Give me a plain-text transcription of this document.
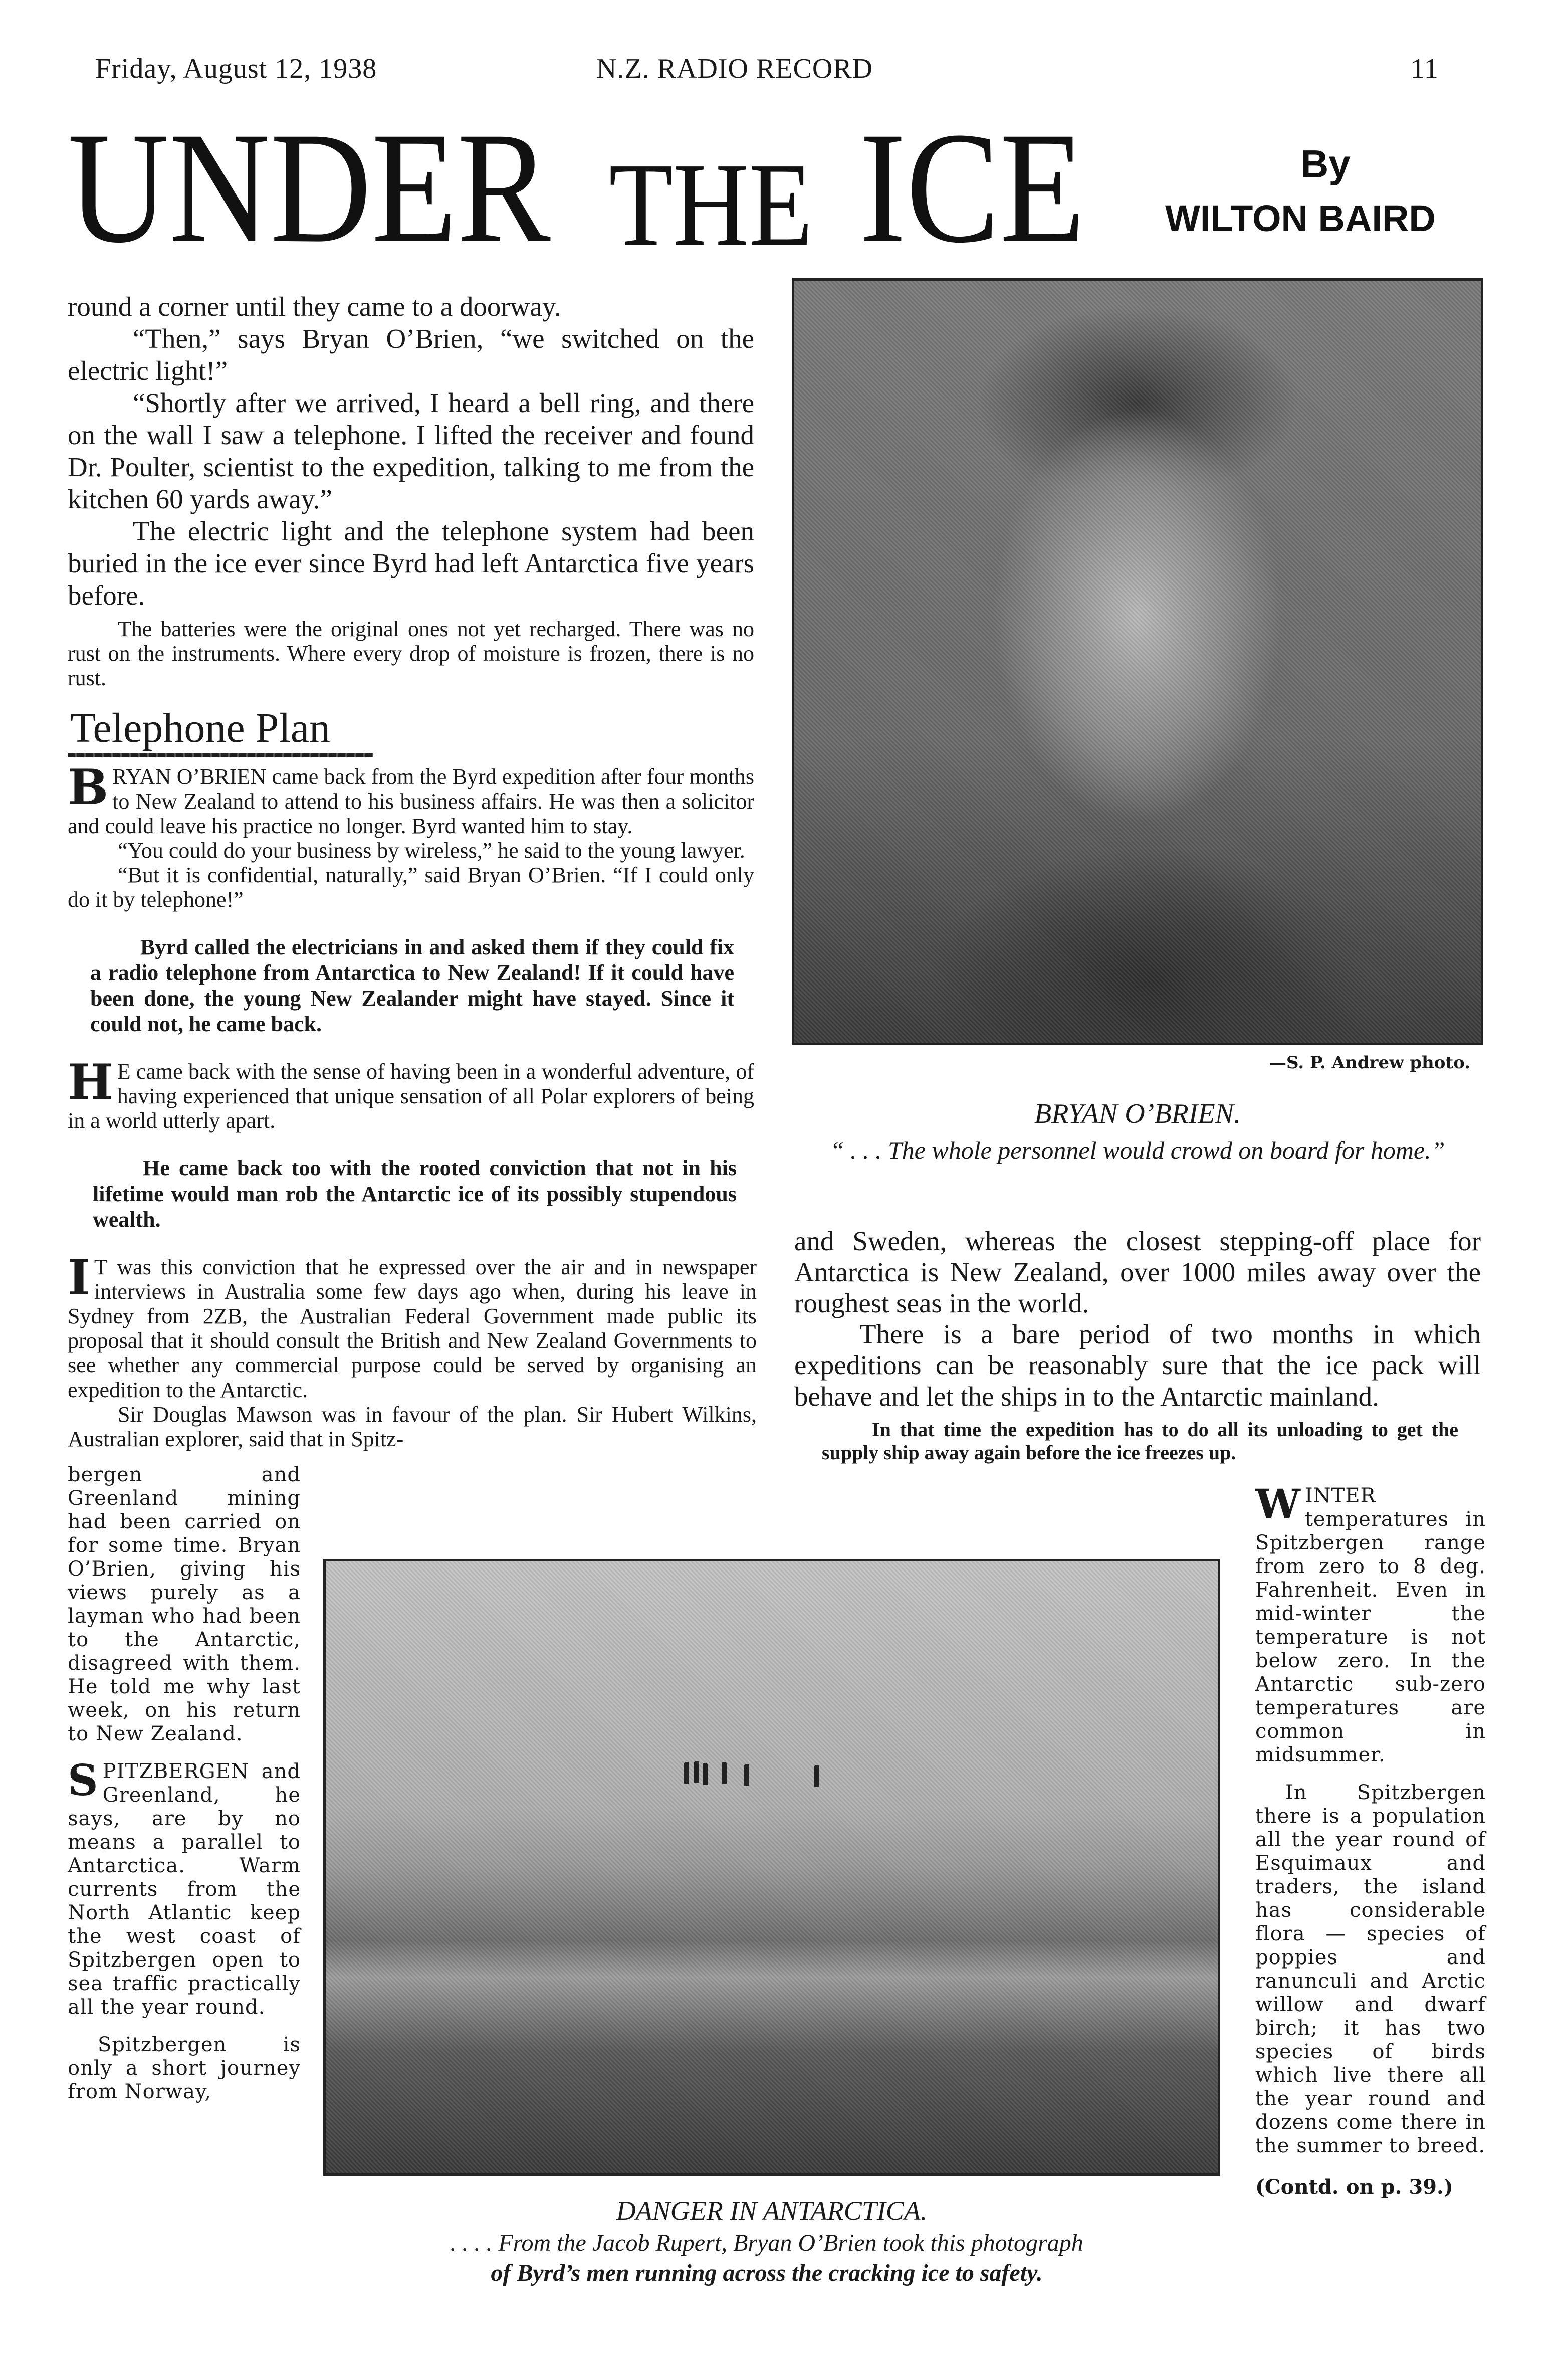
Friday, August 12, 1938	N.Z. RADIO RECORD	11
UNDER THE ICE	By
WILTON BAIRD

round a corner until they came to a doorway.

“Then,” says Bryan O’Brien, “we switched on the electric light!”

“Shortly after we arrived, I heard a bell ring, and there on the wall I saw a telephone. I lifted the receiver and found Dr. Poulter, scientist to the expedition, talking to me from the kitchen 60 yards away.”

The electric light and the telephone system had been buried in the ice ever since Byrd had left Antarctica five years before.

The batteries were the original ones not yet recharged. There was no rust on the instruments. Where every drop of moisture is frozen, there is no rust.

Telephone Plan

BRYAN O’BRIEN came back from the Byrd expedition after four months to New Zealand to attend to his business affairs. He was then a solicitor and could leave his practice no longer. Byrd wanted him to stay.

“You could do your business by wireless,” he said to the young lawyer.

“But it is confidential, naturally,” said Bryan O’Brien. “If I could only do it by telephone!”

Byrd called the electricians in and asked them if they could fix a radio telephone from Antarctica to New Zealand! If it could have been done, the young New Zealander might have stayed. Since it could not, he came back.

H E came back with the sense of having been in a wonderful adventure, of having experienced that unique sensation of all Polar explorers of being in a world utterly apart.

He came back too with the rooted conviction that not in his lifetime would man rob the Antarctic ice of its possibly stupendous wealth.

I T was this conviction that he expressed over the air and in newspaper interviews in Australia some few days ago when, during his leave in Sydney from 2ZB, the Australian Federal Government made public its proposal that it should consult the British and New Zealand Governments to see whether any commercial purpose could be served by organising an expedition to the Antarctic.

Sir Douglas Mawson was in favour of the plan. Sir Hubert Wilkins, Australian explorer, said that in Spitz-

bergen and Greenland mining had been carried on for some time. Bryan O’Brien, giving his views purely as a layman who had been to the Antarctic, disagreed with them. He told me why last week, on his return to New Zealand.

SPITZBERGEN and Greenland, he says, are by no means a parallel to Antarctica. Warm currents from the North Atlantic keep the west coast of Spitzbergen open to sea traffic practically all the year round.

Spitzbergen is only a short journey from Norway,

—S. P. Andrew photo.
BRYAN O’BRIEN.
“ . . . The whole personnel would crowd on board for home.”

and Sweden, whereas the closest stepping-off place for Antarctica is New Zealand, over 1000 miles away over the roughest seas in the world.

There is a bare period of two months in which expeditions can be reasonably sure that the ice pack will behave and let the ships in to the Antarctic mainland.

In that time the expedition has to do all its unloading to get the supply ship away again before the ice freezes up.

WINTER temperatures in Spitzbergen range from zero to 8 deg. Fahrenheit. Even in mid-winter the temperature is not below zero. In the Antarctic sub-zero temperatures are common in midsummer.

In Spitzbergen there is a population all the year round of Esquimaux and traders, the island has considerable flora — species of poppies and ranunculi and Arctic willow and dwarf birch; it has two species of birds which live there all the year round and dozens come there in the summer to breed.

(Contd. on p. 39.)
DANGER IN ANTARCTICA.
. . . . From the Jacob Rupert, Bryan O’Brien took this photograph
of Byrd’s men running across the cracking ice to safety.
